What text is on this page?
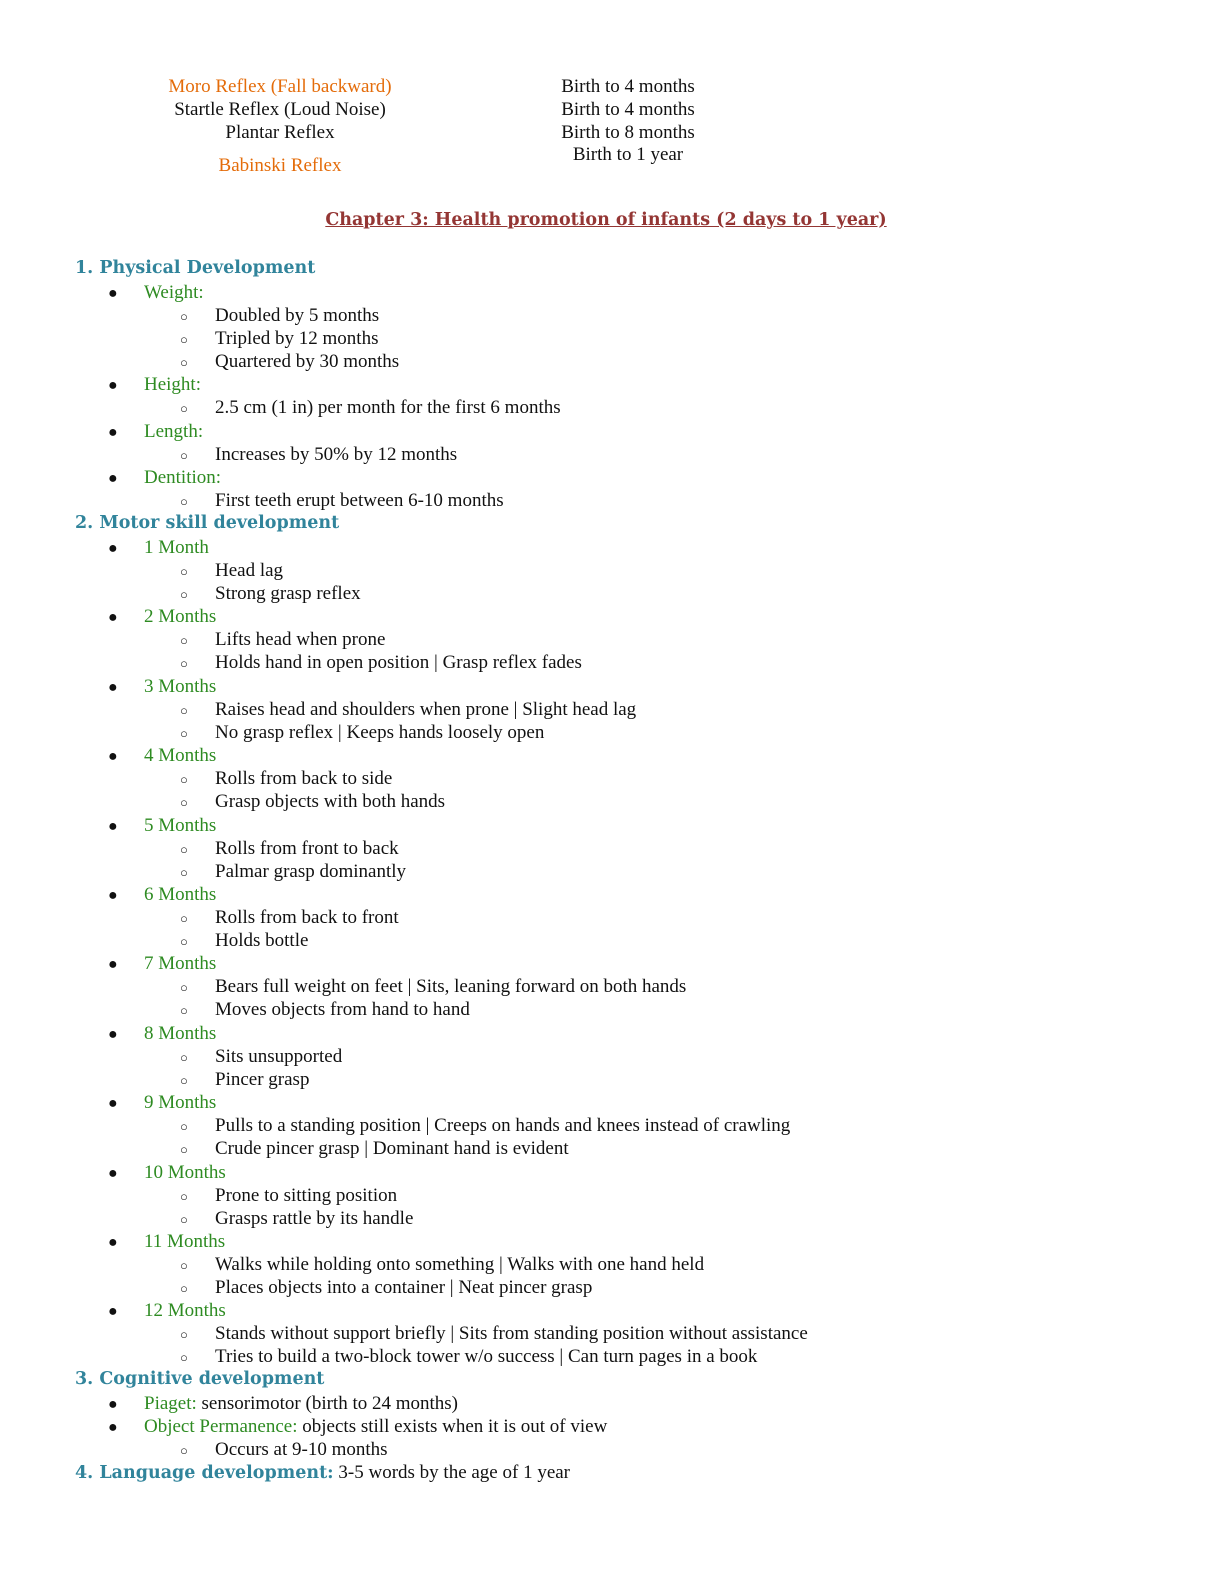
Moro Reflex (Fall backward)
Startle Reflex (Loud Noise)
Plantar Reflex
Babinski Reflex
Birth to 4 months
Birth to 4 months
Birth to 8 months
Birth to 1 year
Chapter 3: Health promotion of infants (2 days to 1 year)
1. Physical Development
● Weight:
○ Doubled by 5 months
○ Tripled by 12 months
○ Quartered by 30 months
● Height:
○ 2.5 cm (1 in) per month for the first 6 months
● Length:
○ Increases by 50% by 12 months
● Dentition:
○ First teeth erupt between 6-10 months
2. Motor skill development
● 1 Month
○ Head lag
○ Strong grasp reflex
● 2 Months
○ Lifts head when prone
○ Holds hand in open position | Grasp reflex fades
● 3 Months
○ Raises head and shoulders when prone | Slight head lag
○ No grasp reflex | Keeps hands loosely open
● 4 Months
○ Rolls from back to side
○ Grasp objects with both hands
● 5 Months
○ Rolls from front to back
○ Palmar grasp dominantly
● 6 Months
○ Rolls from back to front
○ Holds bottle
● 7 Months
○ Bears full weight on feet | Sits, leaning forward on both hands
○ Moves objects from hand to hand
● 8 Months
○ Sits unsupported
○ Pincer grasp
● 9 Months
○ Pulls to a standing position | Creeps on hands and knees instead of crawling
○ Crude pincer grasp | Dominant hand is evident
● 10 Months
○ Prone to sitting position
○ Grasps rattle by its handle
● 11 Months
○ Walks while holding onto something | Walks with one hand held
○ Places objects into a container | Neat pincer grasp
● 12 Months
○ Stands without support briefly | Sits from standing position without assistance
○ Tries to build a two-block tower w/o success | Can turn pages in a book
3. Cognitive development
● Piaget: sensorimotor (birth to 24 months)
● Object Permanence: objects still exists when it is out of view
○ Occurs at 9-10 months
4. Language development: 3-5 words by the age of 1 year
